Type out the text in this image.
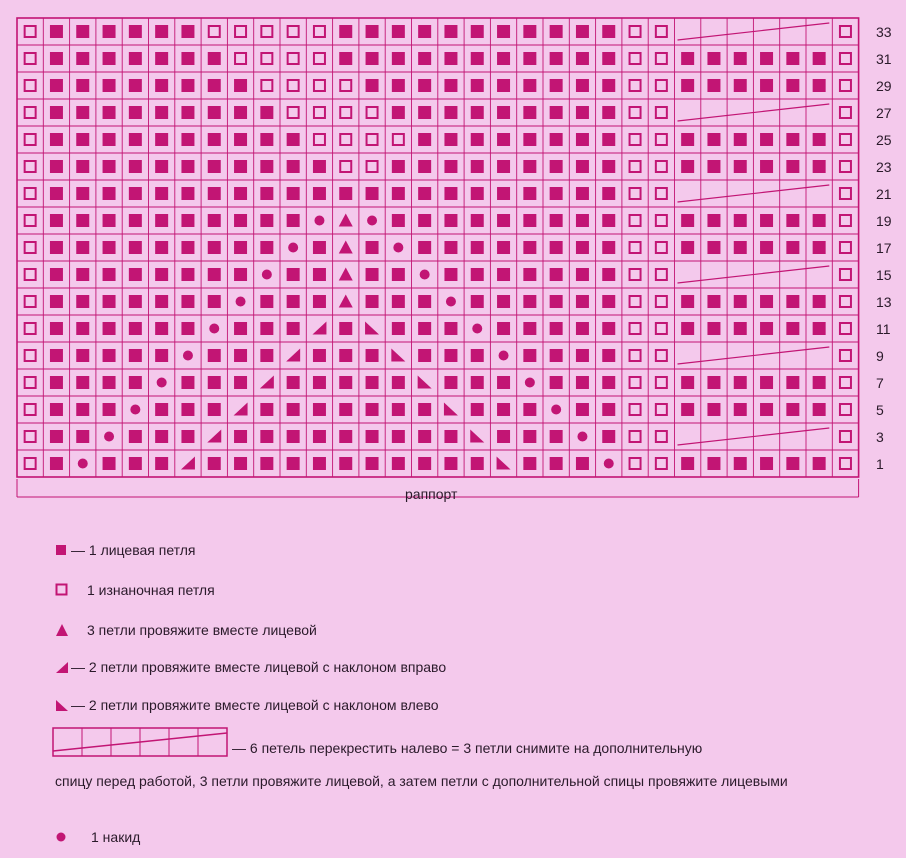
33
31
29
27
25
23
21
19
17
15
13
11
9
7
5
3
1
раппорт
— 1 лицевая петля
1 изнаночная петля
3 петли провяжите вместе лицевой
— 2 петли провяжите вместе лицевой с наклоном вправо
— 2 петли провяжите вместе лицевой с наклоном влево
— 6 петель перекрестить налево = 3 петли снимите на дополнительную
спицу перед работой, 3 петли провяжите лицевой, а затем петли с дополнительной спицы провяжите лицевыми
1 накид
